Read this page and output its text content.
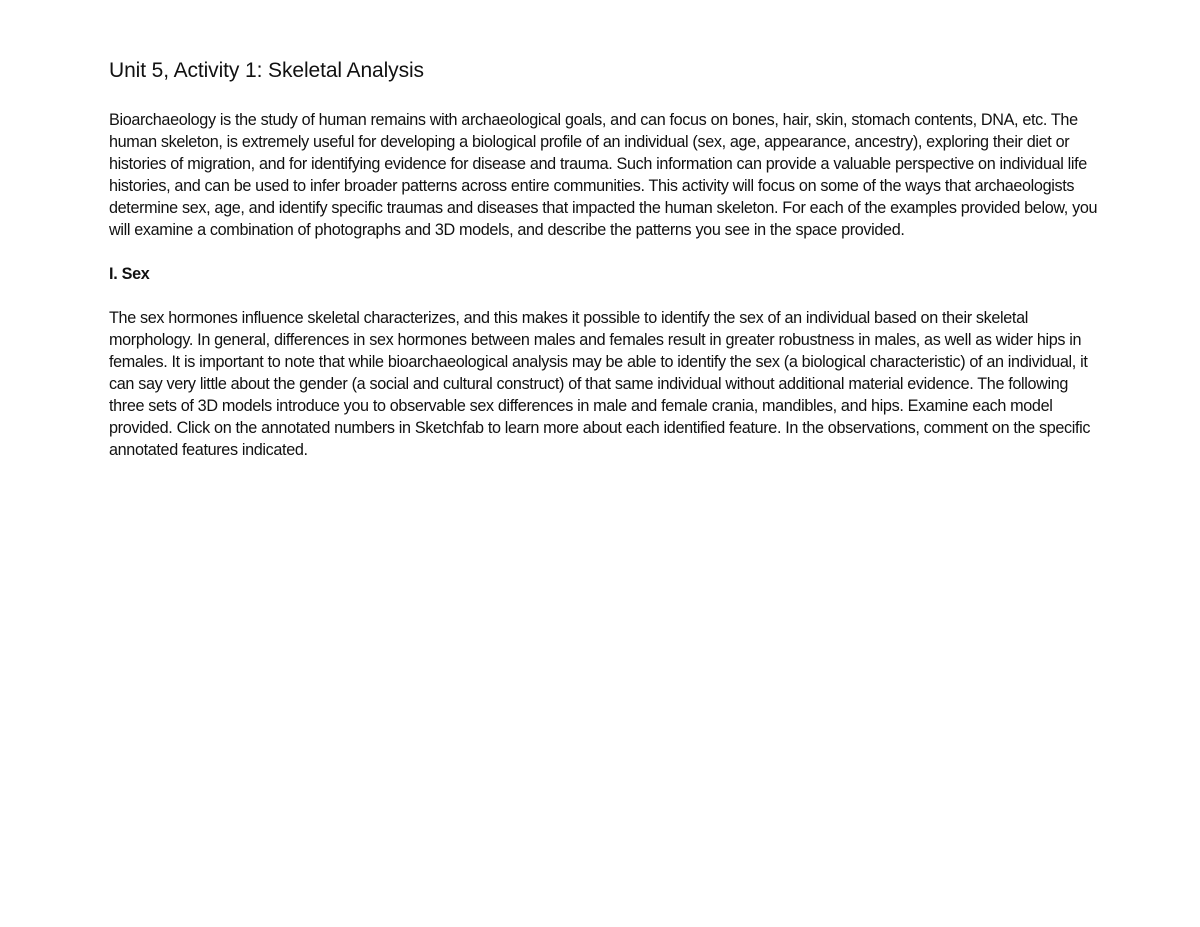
Unit 5, Activity 1: Skeletal Analysis

Bioarchaeology is the study of human remains with archaeological goals, and can focus on bones, hair, skin, stomach contents, DNA, etc. The human skeleton, is extremely useful for developing a biological profile of an individual (sex, age, appearance, ancestry), exploring their diet or histories of migration, and for identifying evidence for disease and trauma. Such information can provide a valuable perspective on individual life histories, and can be used to infer broader patterns across entire communities. This activity will focus on some of the ways that archaeologists determine sex, age, and identify specific traumas and diseases that impacted the human skeleton. For each of the examples provided below, you will examine a combination of photographs and 3D models, and describe the patterns you see in the space provided.

I. Sex

The sex hormones influence skeletal characterizes, and this makes it possible to identify the sex of an individual based on their skeletal morphology. In general, differences in sex hormones between males and females result in greater robustness in males, as well as wider hips in females. It is important to note that while bioarchaeological analysis may be able to identify the sex (a biological characteristic) of an individual, it can say very little about the gender (a social and cultural construct) of that same individual without additional material evidence. The following three sets of 3D models introduce you to observable sex differences in male and female crania, mandibles, and hips. Examine each model provided. Click on the annotated numbers in Sketchfab to learn more about each identified feature. In the observations, comment on the specific annotated features indicated.
